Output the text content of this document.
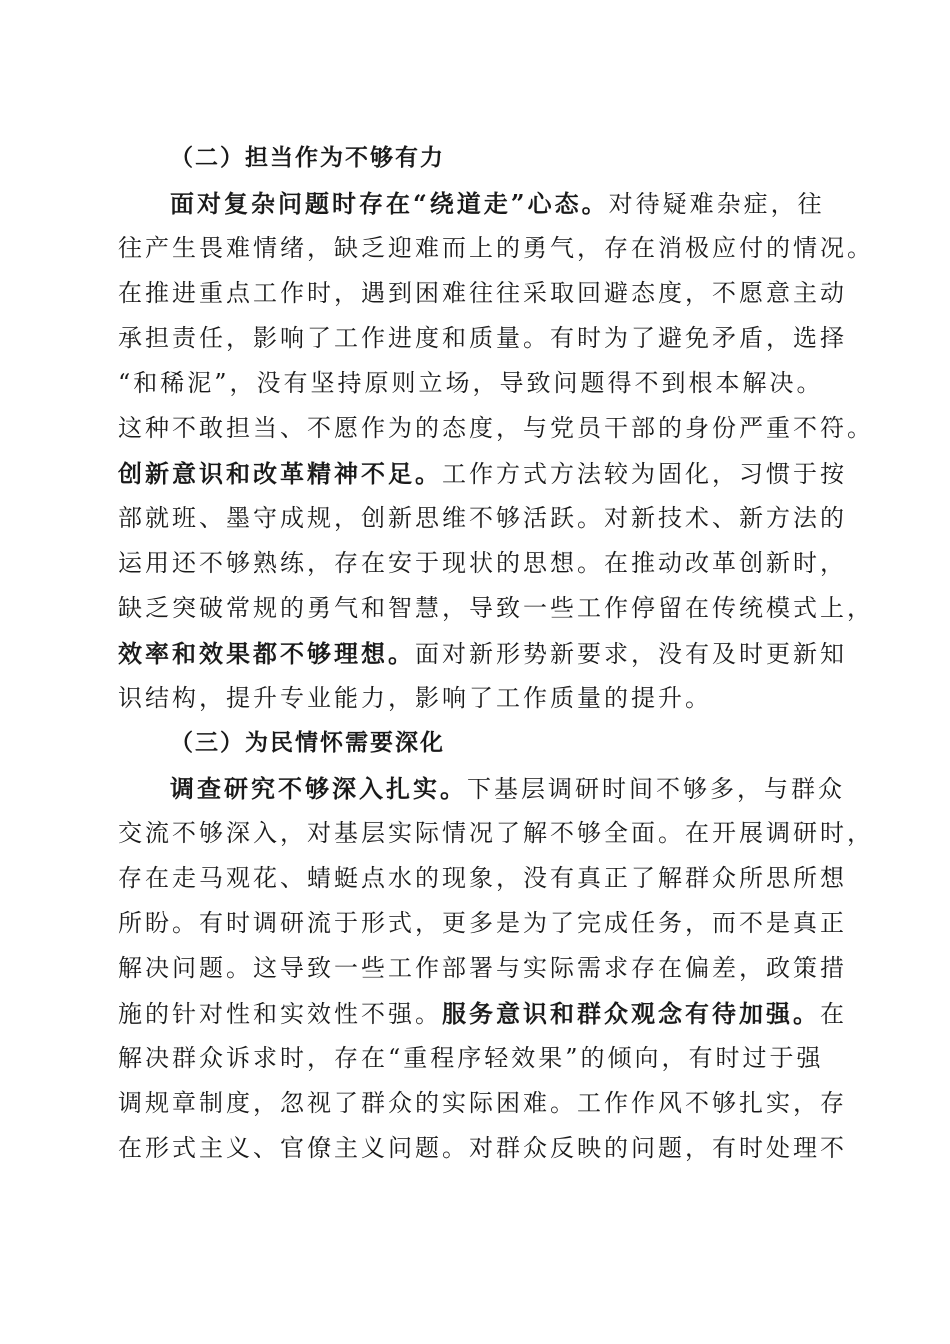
（二）担当作为不够有力
面对复杂问题时存在“绕道走”心态。对待疑难杂症，往
往产生畏难情绪，缺乏迎难而上的勇气，存在消极应付的情况。
在推进重点工作时，遇到困难往往采取回避态度，不愿意主动
承担责任，影响了工作进度和质量。有时为了避免矛盾，选择
“和稀泥”，没有坚持原则立场，导致问题得不到根本解决。
这种不敢担当、不愿作为的态度，与党员干部的身份严重不符。
创新意识和改革精神不足。工作方式方法较为固化，习惯于按
部就班、墨守成规，创新思维不够活跃。对新技术、新方法的
运用还不够熟练，存在安于现状的思想。在推动改革创新时，
缺乏突破常规的勇气和智慧，导致一些工作停留在传统模式上，
效率和效果都不够理想。面对新形势新要求，没有及时更新知
识结构，提升专业能力，影响了工作质量的提升。
（三）为民情怀需要深化
调查研究不够深入扎实。下基层调研时间不够多，与群众
交流不够深入，对基层实际情况了解不够全面。在开展调研时，
存在走马观花、蜻蜓点水的现象，没有真正了解群众所思所想
所盼。有时调研流于形式，更多是为了完成任务，而不是真正
解决问题。这导致一些工作部署与实际需求存在偏差，政策措
施的针对性和实效性不强。服务意识和群众观念有待加强。在
解决群众诉求时，存在“重程序轻效果”的倾向，有时过于强
调规章制度，忽视了群众的实际困难。工作作风不够扎实，存
在形式主义、官僚主义问题。对群众反映的问题，有时处理不
